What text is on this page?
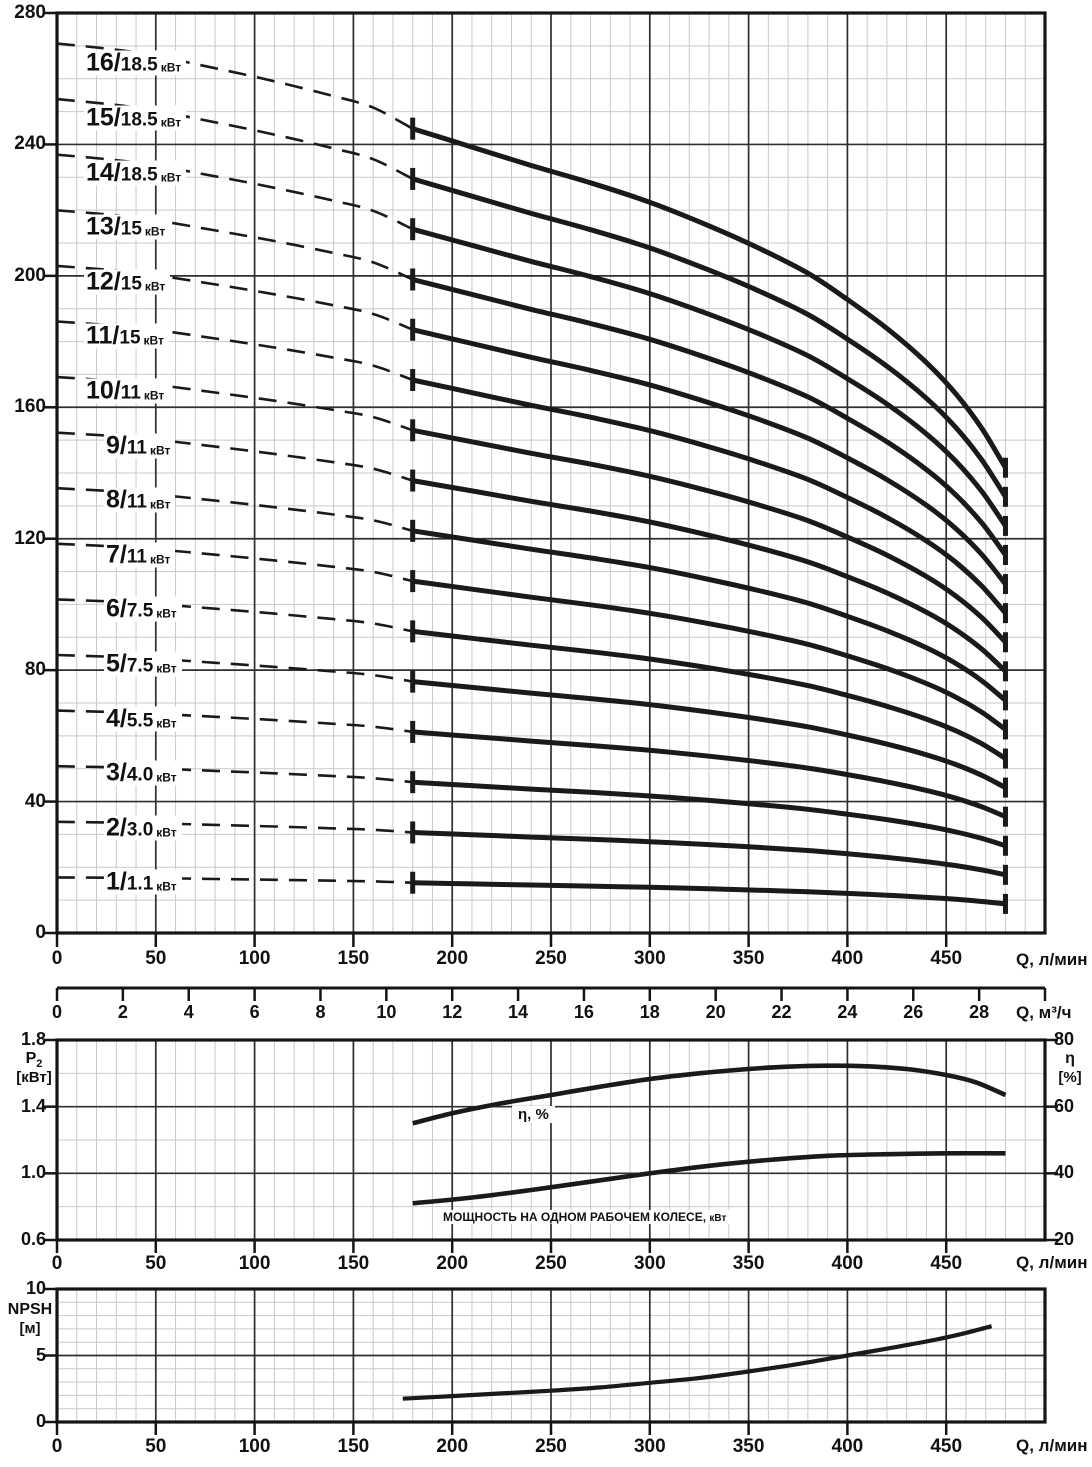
Q, л/мин
Q, м³/ч
Q, л/мин
Q, л/мин
$P_2$
[кВт]
η
[%]
NPSH
[м]
η, %
МОЩНОСТЬ НА ОДНОМ РАБОЧЕМ КОЛЕСЕ, кВт
0
40
80
120
160
200
240
280
0	50	100	150	200	250	300	350	400	450
0	2	4	6	8	10	12	14	16	18	20	22	24	26	28
16/18.5 кВт
15/18.5 кВт
14/18.5 кВт
13/15 кВт
12/15 кВт
11/15 кВт
10/11 кВт
9/11 кВт
8/11 кВт
7/11 кВт
6/7.5 кВт
5/7.5 кВт
4/5.5 кВт
3/4.0 кВт
2/3.0 кВт
1/1.1 кВт
0.6
1.0
1.4
1.8
20
40
60
80
0	50	100	150	200	250	300	350	400	450
0
5
10
0	50	100	150	200	250	300	350	400	450
